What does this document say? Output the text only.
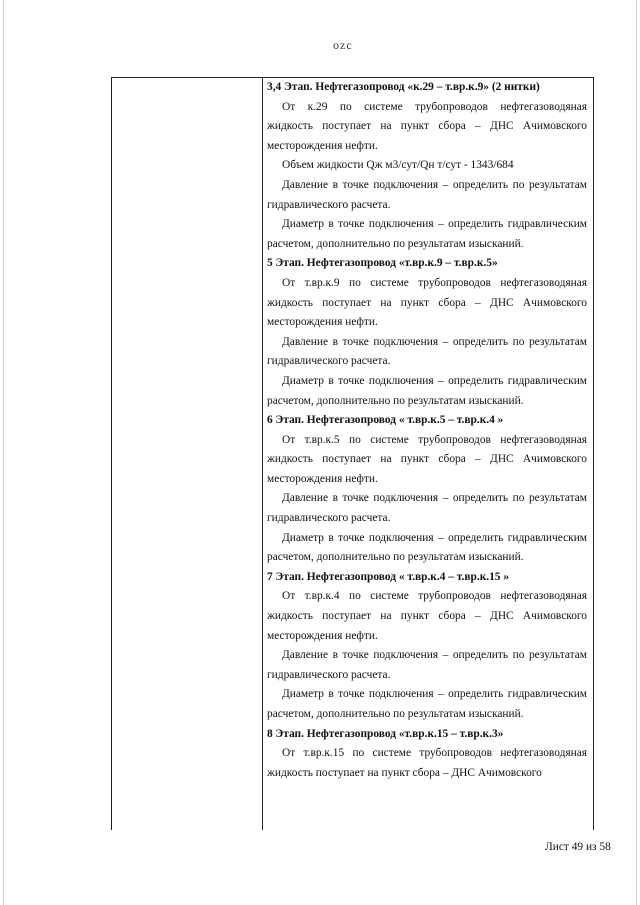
ozc

3,4 Этап. Нефтегазопровод «к.29 – т.вр.к.9» (2 нитки)

От к.29 по системе трубопроводов нефтегазоводяная жидкость поступает на пункт сбора – ДНС Ачимовского месторождения нефти.

Объем жидкости Qж м3/сут/Qн т/сут - 1343/684

Давление в точке подключения – определить по результатам гидравлического расчета.

Диаметр в точке подключения – определить гидравлическим расчетом, дополнительно по результатам изысканий.

5 Этап. Нефтегазопровод «т.вр.к.9 – т.вр.к.5»

От т.вр.к.9 по системе трубопроводов нефтегазоводяная жидкость поступает на пункт сбора – ДНС Ачимовского месторождения нефти.

Давление в точке подключения – определить по результатам гидравлического расчета.

Диаметр в точке подключения – определить гидравлическим расчетом, дополнительно по результатам изысканий.

6 Этап. Нефтегазопровод « т.вр.к.5 – т.вр.к.4 »

От т.вр.к.5 по системе трубопроводов нефтегазоводяная жидкость поступает на пункт сбора – ДНС Ачимовского месторождения нефти.

Давление в точке подключения – определить по результатам гидравлического расчета.

Диаметр в точке подключения – определить гидравлическим расчетом, дополнительно по результатам изысканий.

7 Этап. Нефтегазопровод « т.вр.к.4 – т.вр.к.15 »

От т.вр.к.4 по системе трубопроводов нефтегазоводяная жидкость поступает на пункт сбора – ДНС Ачимовского месторождения нефти.

Давление в точке подключения – определить по результатам гидравлического расчета.

Диаметр в точке подключения – определить гидравлическим расчетом, дополнительно по результатам изысканий.

8 Этап. Нефтегазопровод «т.вр.к.15 – т.вр.к.3»

От т.вр.к.15 по системе трубопроводов нефтегазоводяная жидкость поступает на пункт сбора – ДНС Ачимовского

Лист 49 из 58
